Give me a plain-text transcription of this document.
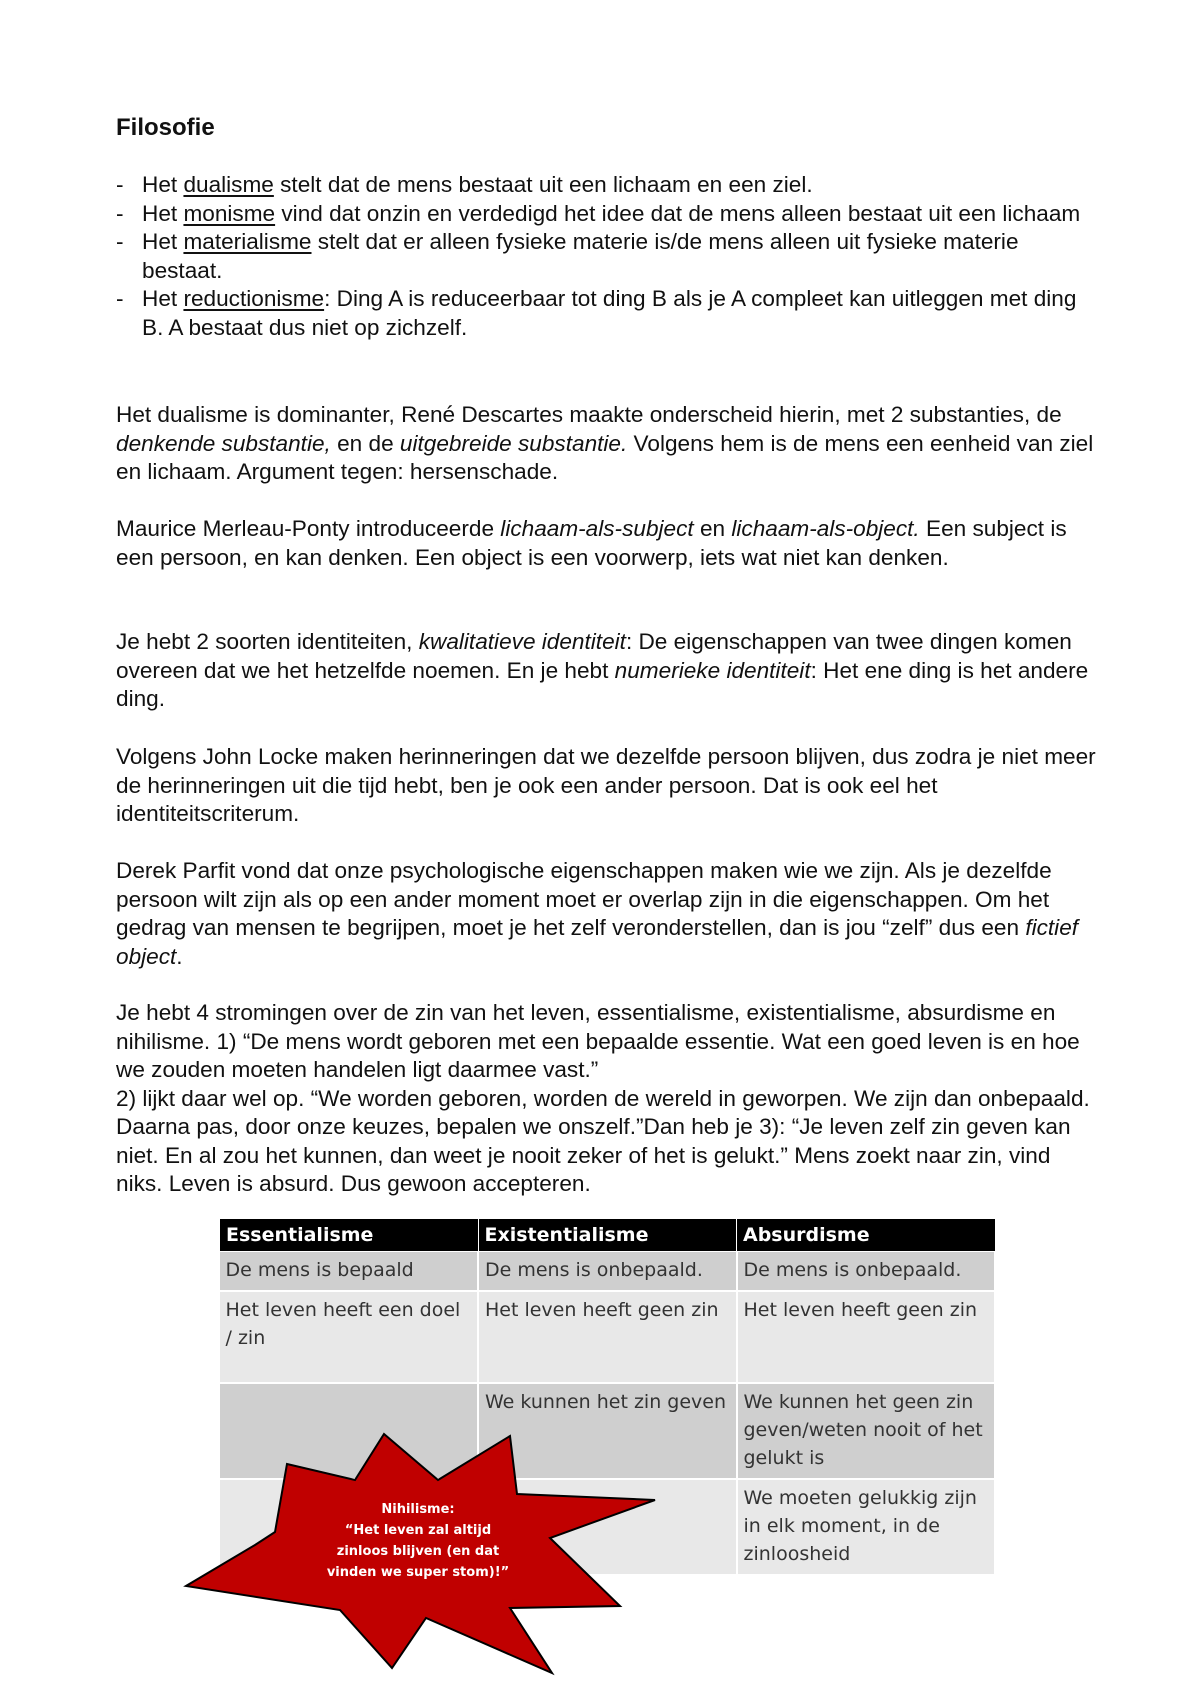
Filosofie
- Het dualisme stelt dat de mens bestaat uit een lichaam en een ziel.
- Het monisme vind dat onzin en verdedigd het idee dat de mens alleen bestaat uit een lichaam
- Het materialisme stelt dat er alleen fysieke materie is/de mens alleen uit fysieke materie bestaat.
- Het reductionisme: Ding A is reduceerbaar tot ding B als je A compleet kan uitleggen met ding B. A bestaat dus niet op zichzelf.

Het dualisme is dominanter, René Descartes maakte onderscheid hierin, met 2 substanties, de denkende substantie, en de uitgebreide substantie. Volgens hem is de mens een eenheid van ziel en lichaam. Argument tegen: hersenschade.

Maurice Merleau-Ponty introduceerde lichaam-als-subject en lichaam-als-object. Een subject is een persoon, en kan denken. Een object is een voorwerp, iets wat niet kan denken.

Je hebt 2 soorten identiteiten, kwalitatieve identiteit: De eigenschappen van twee dingen komen overeen dat we het hetzelfde noemen. En je hebt numerieke identiteit: Het ene ding is het andere ding.

Volgens John Locke maken herinneringen dat we dezelfde persoon blijven, dus zodra je niet meer de herinneringen uit die tijd hebt, ben je ook een ander persoon. Dat is ook eel het identiteitscriterum.

Derek Parfit vond dat onze psychologische eigenschappen maken wie we zijn. Als je dezelfde persoon wilt zijn als op een ander moment moet er overlap zijn in die eigenschappen. Om het gedrag van mensen te begrijpen, moet je het zelf veronderstellen, dan is jou “zelf” dus een fictief object.

Je hebt 4 stromingen over de zin van het leven, essentialisme, existentialisme, absurdisme en nihilisme. 1) “De mens wordt geboren met een bepaalde essentie. Wat een goed leven is en hoe we zouden moeten handelen ligt daarmee vast.”
2) lijkt daar wel op. “We worden geboren, worden de wereld in geworpen. We zijn dan onbepaald. Daarna pas, door onze keuzes, bepalen we onszelf.”Dan heb je 3): “Je leven zelf zin geven kan niet. En al zou het kunnen, dan weet je nooit zeker of het is gelukt.” Mens zoekt naar zin, vind niks. Leven is absurd. Dus gewoon accepteren.

Essentialisme	Existentialisme	Absurdisme
De mens is bepaald	De mens is onbepaald.	De mens is onbepaald.
Het leven heeft een doel / zin	Het leven heeft geen zin	Het leven heeft geen zin
	We kunnen het zin geven	We kunnen het geen zin geven/weten nooit of het gelukt is
		We moeten gelukkig zijn in elk moment, in de zinloosheid
Nihilisme:
“Het leven zal altijd
zinloos blijven (en dat
vinden we super stom)!”
